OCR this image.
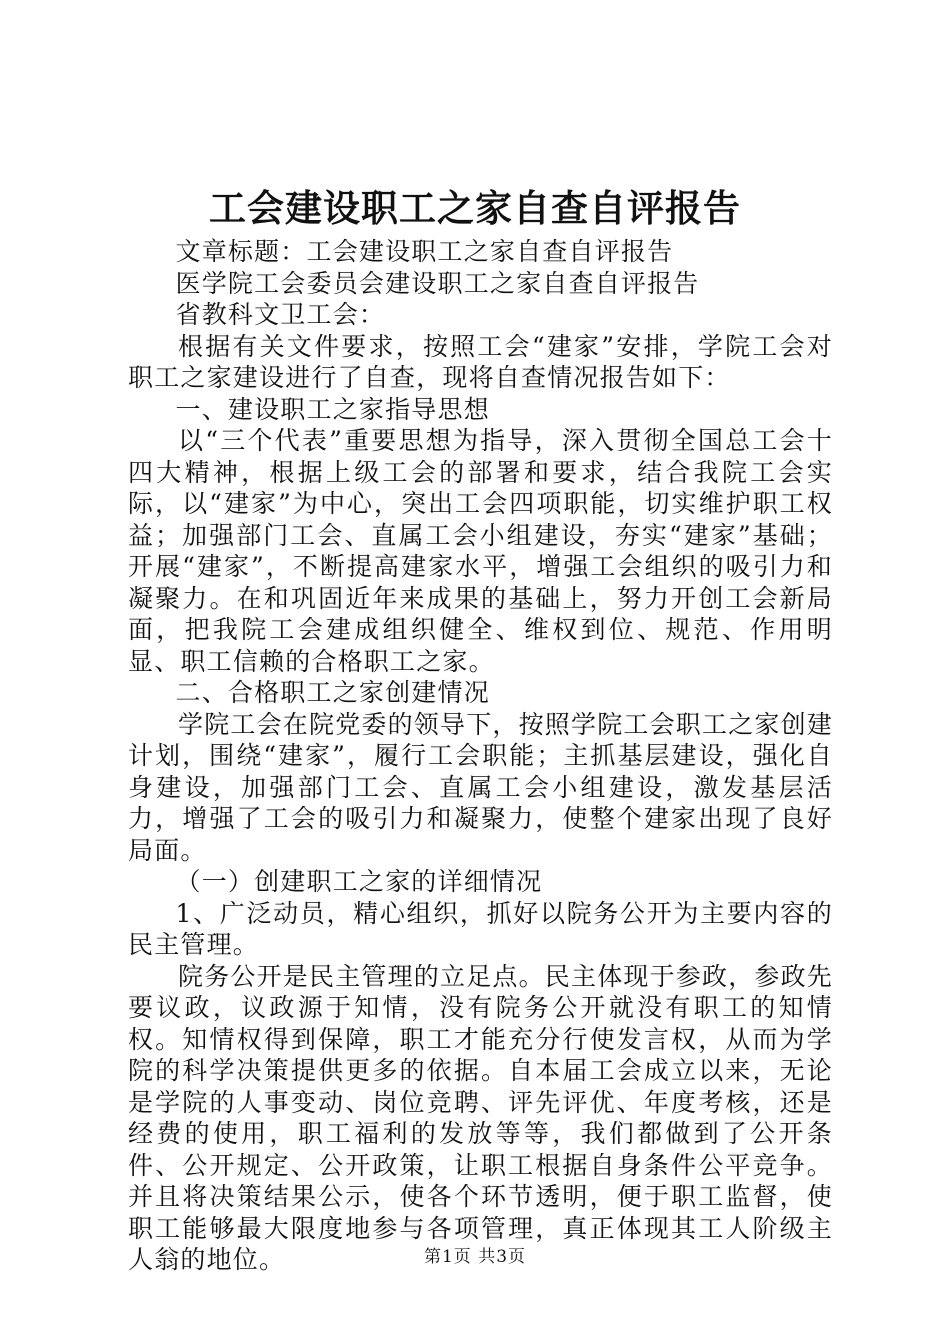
工会建设职工之家自查自评报告

文章标题：工会建设职工之家自查自评报告

医学院工会委员会建设职工之家自查自评报告

省教科文卫工会：

根据有关文件要求，按照工会“建家”安排，学院工会对职工之家建设进行了自查，现将自查情况报告如下：

一、建设职工之家指导思想

以“三个代表”重要思想为指导，深入贯彻全国总工会十四大精神，根据上级工会的部署和要求，结合我院工会实际，以“建家”为中心，突出工会四项职能，切实维护职工权益；加强部门工会、直属工会小组建设，夯实“建家”基础；开展“建家”，不断提高建家水平，增强工会组织的吸引力和凝聚力。在和巩固近年来成果的基础上，努力开创工会新局面，把我院工会建成组织健全、维权到位、规范、作用明显、职工信赖的合格职工之家。

二、合格职工之家创建情况

学院工会在院党委的领导下，按照学院工会职工之家创建计划，围绕“建家”，履行工会职能；主抓基层建设，强化自身建设，加强部门工会、直属工会小组建设，激发基层活力，增强了工会的吸引力和凝聚力，使整个建家出现了良好局面。

（一）创建职工之家的详细情况

1、广泛动员，精心组织，抓好以院务公开为主要内容的民主管理。

院务公开是民主管理的立足点。民主体现于参政，参政先要议政，议政源于知情，没有院务公开就没有职工的知情权。知情权得到保障，职工才能充分行使发言权，从而为学院的科学决策提供更多的依据。自本届工会成立以来，无论是学院的人事变动、岗位竞聘、评先评优、年度考核，还是经费的使用，职工福利的发放等等，我们都做到了公开条件、公开规定、公开政策，让职工根据自身条件公平竞争。并且将决策结果公示，使各个环节透明，便于职工监督，使职工能够最大限度地参与各项管理，真正体现其工人阶级主人翁的地位。	第1页 共3页
